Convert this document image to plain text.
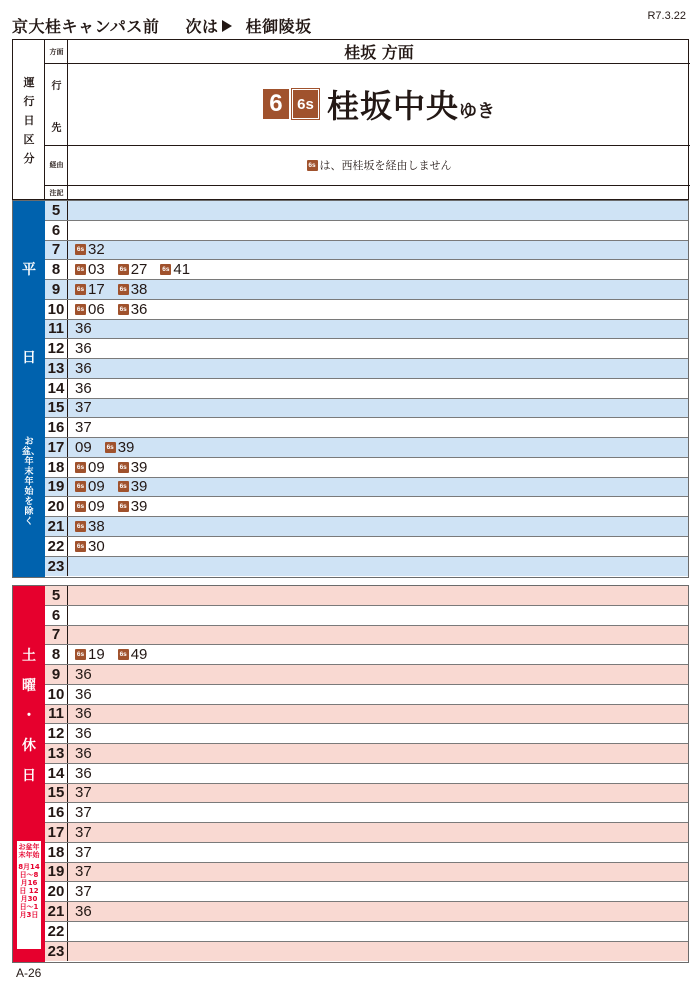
京大桂キャンパス前 次は 桂御陵坂
R7.3.22
運
行
日
区
分
方面
行
先
経由
注記
桂坂 方面
6 6s 桂坂中央 ゆき
6s は、西桂坂を経由しません
平
日
お盆、年末年始を除く
5
6
7	6s 32
8	6s 03 6s 27 6s 41
9	6s 17 6s 38
10	6s 06 6s 36
11 36
12 36
13 36
14 36
15 37
16 37
17 09 6s 39
18	6s 09 6s 39
19	6s 09 6s 39
20	6s 09 6s 39
21	6s 38
22	6s 30
23
土
曜
・
休
日
お盆年末年始
8月14日〜8月16日 12月30日〜1月3日
5
6
7
8	6s 19 6s 49
9 36
10 36
11 36
12 36
13 36
14 36
15 37
16 37
17 37
18 37
19 37
20 37
21 36
22
23
A-26
